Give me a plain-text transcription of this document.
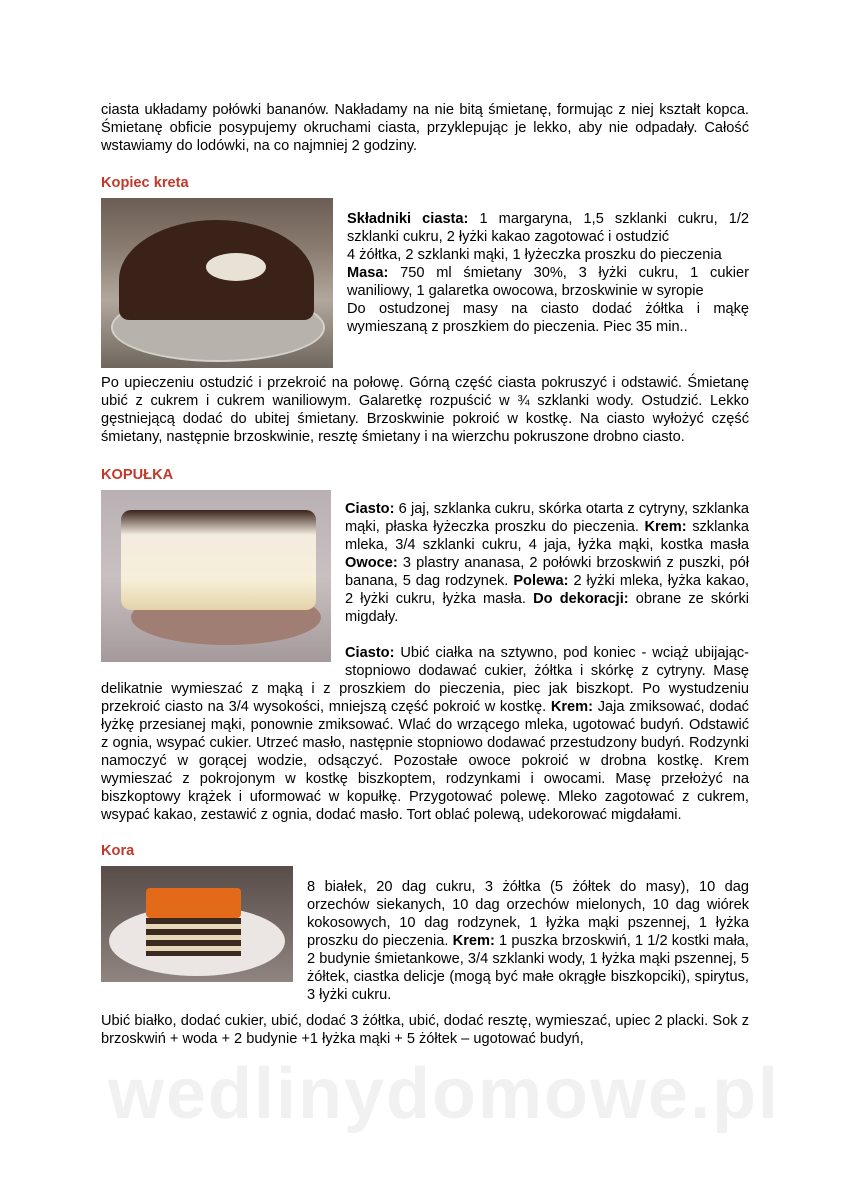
ciasta układamy połówki bananów. Nakładamy na nie bitą śmietanę, formując z niej kształt kopca. Śmietanę obficie posypujemy okruchami ciasta, przyklepując je lekko, aby nie odpadały. Całość wstawiamy do lodówki, na co najmniej 2 godziny.

Kopiec kreta

Składniki ciasta: 1 margaryna, 1,5 szklanki cukru, 1/2 szklanki cukru, 2 łyżki kakao zagotować i ostudzić

4 żółtka, 2 szklanki mąki, 1 łyżeczka proszku do pieczenia

Masa: 750 ml śmietany 30%, 3 łyżki cukru, 1 cukier waniliowy, 1 galaretka owocowa, brzoskwinie w syropie

Do ostudzonej masy na ciasto dodać żółtka i mąkę wymieszaną z proszkiem do pieczenia. Piec 35 min..

Po upieczeniu ostudzić i przekroić na połowę. Górną część ciasta pokruszyć i odstawić. Śmietanę ubić z cukrem i cukrem waniliowym. Galaretkę rozpuścić w ¾ szklanki wody. Ostudzić. Lekko gęstniejącą dodać do ubitej śmietany. Brzoskwinie pokroić w kostkę. Na ciasto wyłożyć część śmietany, następnie brzoskwinie, resztę śmietany i na wierzchu pokruszone drobno ciasto.

KOPUŁKA

Ciasto: 6 jaj, szklanka cukru, skórka otarta z cytryny, szklanka mąki, płaska łyżeczka proszku do pieczenia. Krem: szklanka mleka, 3/4 szklanki cukru, 4 jaja, łyżka mąki, kostka masła Owoce: 3 plastry ananasa, 2 połówki brzoskwiń z puszki, pół banana, 5 dag rodzynek. Polewa: 2 łyżki mleka, łyżka kakao, 2 łyżki cukru, łyżka masła. Do dekoracji: obrane ze skórki migdały.

Ciasto: Ubić ciałka na sztywno, pod koniec - wciąż ubijając- stopniowo dodawać cukier, żółtka i skórkę z cytryny. Masę delikatnie wymieszać z mąką i z proszkiem do pieczenia, piec jak biszkopt. Po wystudzeniu przekroić ciasto na 3/4 wysokości, mniejszą część pokroić w kostkę. Krem: Jaja zmiksować, dodać łyżkę przesianej mąki, ponownie zmiksować. Wlać do wrzącego mleka, ugotować budyń. Odstawić z ognia, wsypać cukier. Utrzeć masło, następnie stopniowo dodawać przestudzony budyń. Rodzynki namoczyć w gorącej wodzie, odsączyć. Pozostałe owoce pokroić w drobna kostkę. Krem wymieszać z pokrojonym w kostkę biszkoptem, rodzynkami i owocami. Masę przełożyć na biszkoptowy krążek i uformować w kopułkę. Przygotować polewę. Mleko zagotować z cukrem, wsypać kakao, zestawić z ognia, dodać masło. Tort oblać polewą, udekorować migdałami.

Kora

8 białek, 20 dag cukru, 3 żółtka (5 żółtek do masy), 10 dag orzechów siekanych, 10 dag orzechów mielonych, 10 dag wiórek kokosowych, 10 dag rodzynek, 1 łyżka mąki pszennej, 1 łyżka proszku do pieczenia. Krem: 1 puszka brzoskwiń, 1 1/2 kostki mała, 2 budynie śmietankowe, 3/4 szklanki wody, 1 łyżka mąki pszennej, 5 żółtek, ciastka delicje (mogą być małe okrągłe biszkopciki), spirytus, 3 łyżki cukru.

Ubić białko, dodać cukier, ubić, dodać 3 żółtka, ubić, dodać resztę, wymieszać, upiec 2 placki. Sok z brzoskwiń + woda + 2 budynie +1 łyżka mąki + 5 żółtek – ugotować budyń,

wedlinydomowe.pl
